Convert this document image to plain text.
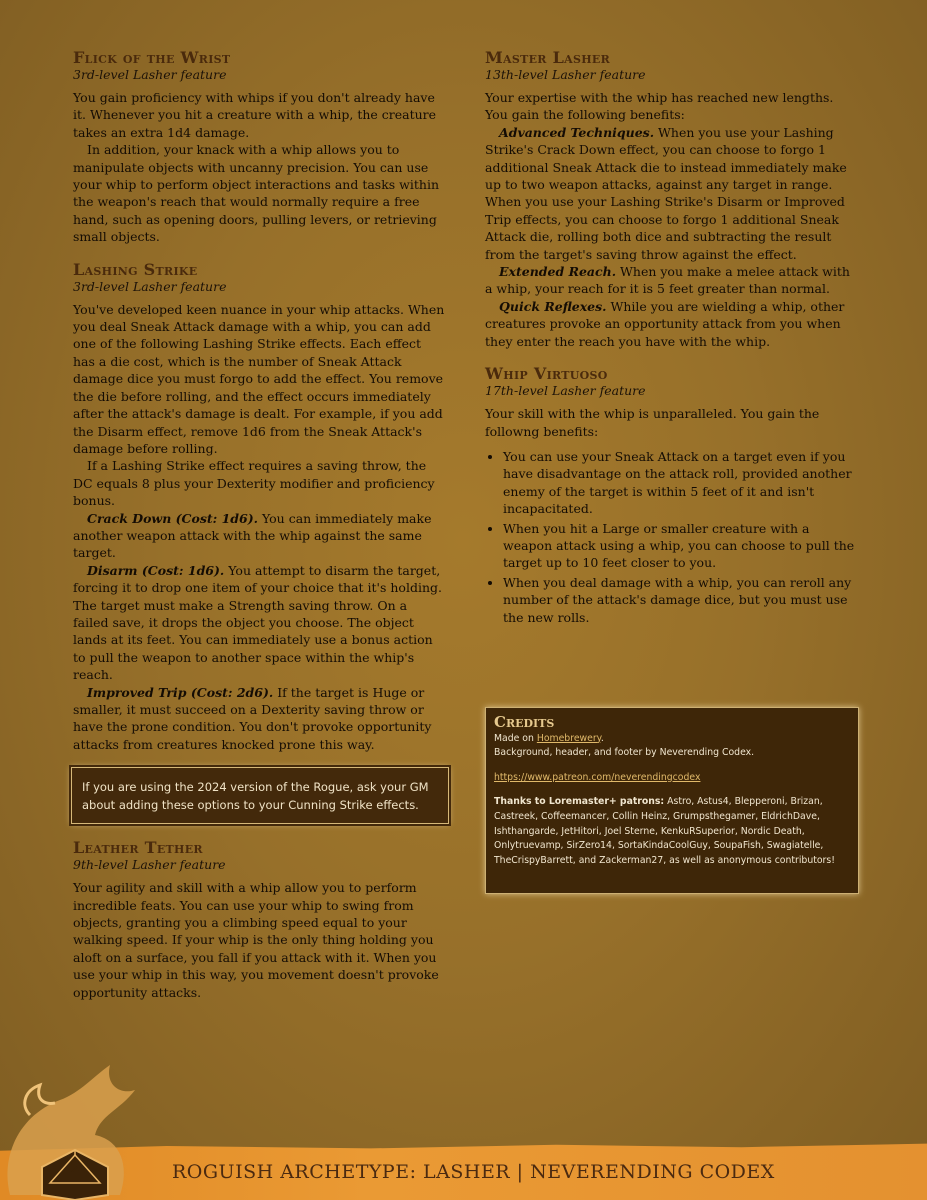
Flick of the Wrist
3rd-level Lasher feature

You gain proficiency with whips if you don't already have it. Whenever you hit a creature with a whip, the creature takes an extra 1d4 damage.

In addition, your knack with a whip allows you to manipulate objects with uncanny precision. You can use your whip to perform object interactions and tasks within the weapon's reach that would normally require a free hand, such as opening doors, pulling levers, or retrieving small objects.

Lashing Strike
3rd-level Lasher feature

You've developed keen nuance in your whip attacks. When you deal Sneak Attack damage with a whip, you can add one of the following Lashing Strike effects. Each effect has a die cost, which is the number of Sneak Attack damage dice you must forgo to add the effect. You remove the die before rolling, and the effect occurs immediately after the attack's damage is dealt. For example, if you add the Disarm effect, remove 1d6 from the Sneak Attack's damage before rolling.

If a Lashing Strike effect requires a saving throw, the DC equals 8 plus your Dexterity modifier and proficiency bonus.

Crack Down (Cost: 1d6). You can immediately make another weapon attack with the whip against the same target.

Disarm (Cost: 1d6). You attempt to disarm the target, forcing it to drop one item of your choice that it's holding. The target must make a Strength saving throw. On a failed save, it drops the object you choose. The object lands at its feet. You can immediately use a bonus action to pull the weapon to another space within the whip's reach.

Improved Trip (Cost: 2d6). If the target is Huge or smaller, it must succeed on a Dexterity saving throw or have the prone condition. You don't provoke opportunity attacks from creatures knocked prone this way.

If you are using the 2024 version of the Rogue, ask your GM about adding these options to your Cunning Strike effects.
Leather Tether
9th-level Lasher feature

Your agility and skill with a whip allow you to perform incredible feats. You can use your whip to swing from objects, granting you a climbing speed equal to your walking speed. If your whip is the only thing holding you aloft on a surface, you fall if you attack with it. When you use your whip in this way, you movement doesn't provoke opportunity attacks.

Master Lasher
13th-level Lasher feature

Your expertise with the whip has reached new lengths. You gain the following benefits:

Advanced Techniques. When you use your Lashing Strike's Crack Down effect, you can choose to forgo 1 additional Sneak Attack die to instead immediately make up to two weapon attacks, against any target in range. When you use your Lashing Strike's Disarm or Improved Trip effects, you can choose to forgo 1 additional Sneak Attack die, rolling both dice and subtracting the result from the target's saving throw against the effect.

Extended Reach. When you make a melee attack with a whip, your reach for it is 5 feet greater than normal.

Quick Reflexes. While you are wielding a whip, other creatures provoke an opportunity attack from you when they enter the reach you have with the whip.

Whip Virtuoso
17th-level Lasher feature

Your skill with the whip is unparalleled. You gain the followng benefits:

• You can use your Sneak Attack on a target even if you have disadvantage on the attack roll, provided another enemy of the target is within 5 feet of it and isn't incapacitated.
• When you hit a Large or smaller creature with a weapon attack using a whip, you can choose to pull the target up to 10 feet closer to you.
• When you deal damage with a whip, you can reroll any number of the attack's damage dice, but you must use the new rolls.
Credits
Made on Homebrewery.
Background, header, and footer by Neverending Codex.
https://www.patreon.com/neverendingcodex
Thanks to Loremaster+ patrons: Astro, Astus4, Blepperoni, Brizan, Castreek, Coffeemancer, Collin Heinz, Grumpsthegamer, EldrichDave, Ishthangarde, JetHitori, Joel Sterne, KenkuRSuperior, Nordic Death, Onlytruevamp, SirZero14, SortaKindaCoolGuy, SoupaFish, Swagiatelle, TheCrispyBarrett, and Zackerman27, as well as anonymous contributors!
2	ROGUISH ARCHETYPE: LASHER | NEVERENDING CODEX
